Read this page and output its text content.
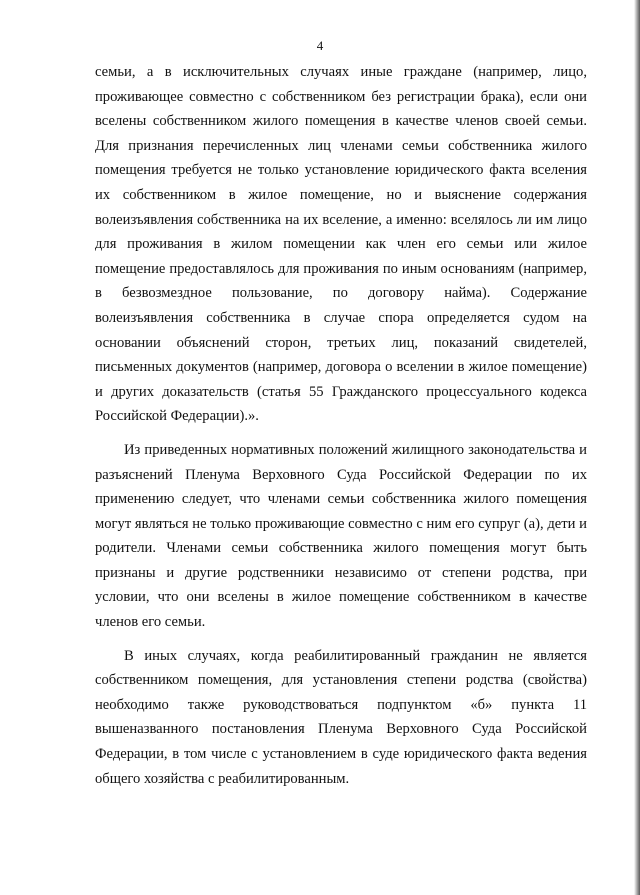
4

семьи, а в исключительных случаях иные граждане (например, лицо, проживающее совместно с собственником без регистрации брака), если они вселены собственником жилого помещения в качестве членов своей семьи. Для признания перечисленных лиц членами семьи собственника жилого помещения требуется не только установление юридического факта вселения их собственником в жилое помещение, но и выяснение содержания волеизъявления собственника на их вселение, а именно: вселялось ли им лицо для проживания в жилом помещении как член его семьи или жилое помещение предоставлялось для проживания по иным основаниям (например, в безвозмездное пользование, по договору найма). Содержание волеизъявления собственника в случае спора определяется судом на основании объяснений сторон, третьих лиц, показаний свидетелей, письменных документов (например, договора о вселении в жилое помещение) и других доказательств (статья 55 Гражданского процессуального кодекса Российской Федерации).».

Из приведенных нормативных положений жилищного законодательства и разъяснений Пленума Верховного Суда Российской Федерации по их применению следует, что членами семьи собственника жилого помещения могут являться не только проживающие совместно с ним его супруг (а), дети и родители. Членами семьи собственника жилого помещения могут быть признаны и другие родственники независимо от степени родства, при условии, что они вселены в жилое помещение собственником в качестве членов его семьи.

В иных случаях, когда реабилитированный гражданин не является собственником помещения, для установления степени родства (свойства) необходимо также руководствоваться подпунктом «б» пункта 11 вышеназванного постановления Пленума Верховного Суда Российской Федерации, в том числе с установлением в суде юридического факта ведения общего хозяйства с реабилитированным.
